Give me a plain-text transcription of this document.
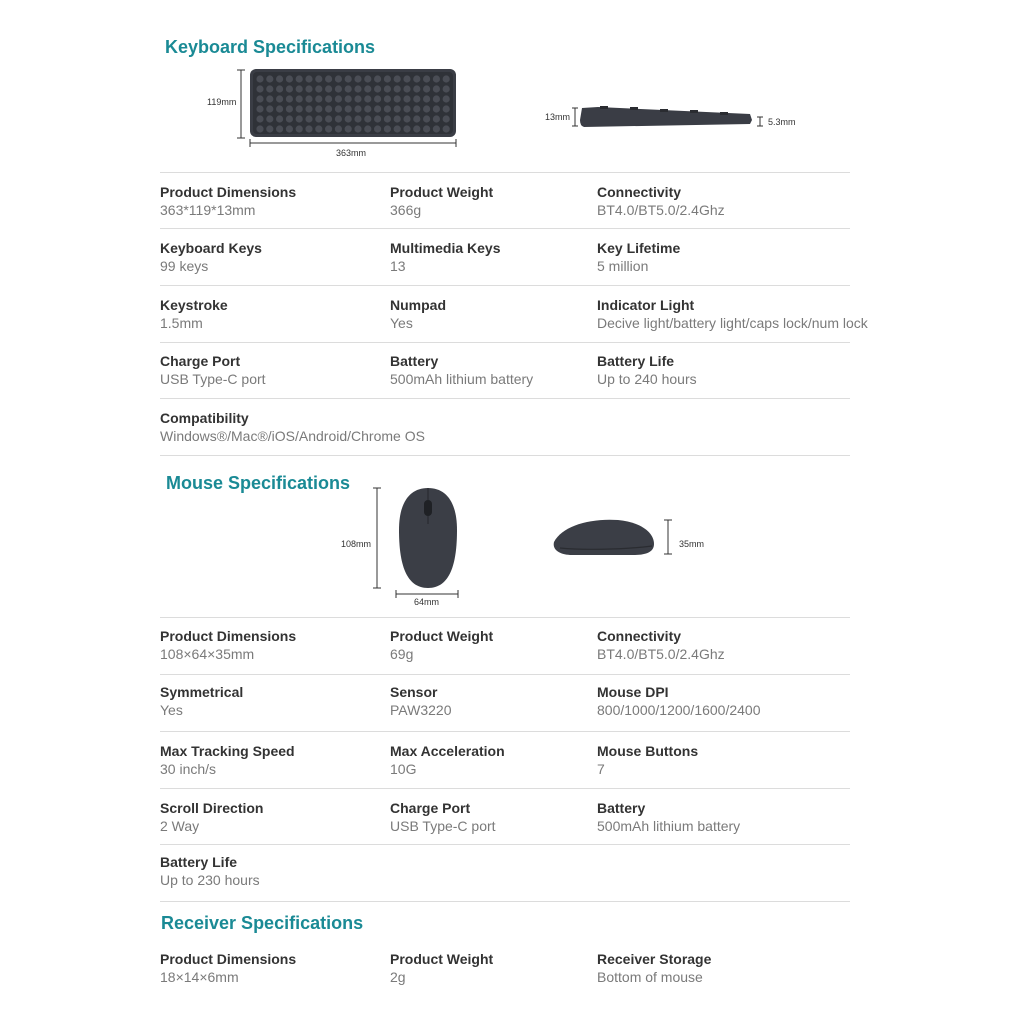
Keyboard Specifications
119mm
363mm
13mm	5.3mm
Product Dimensions
363*119*13mm
Product Weight
366g
Connectivity
BT4.0/BT5.0/2.4Ghz
Keyboard Keys
99 keys
Multimedia Keys
13
Key Lifetime
5 million
Keystroke
1.5mm
Numpad
Yes
Indicator Light
Decive light/battery light/caps lock/num lock
Charge Port
USB Type-C port
Battery
500mAh lithium battery
Battery Life
Up to 240 hours
Compatibility
Windows®/Mac®/iOS/Android/Chrome OS
Mouse Specifications
108mm
64mm
35mm
Product Dimensions
108×64×35mm
Product Weight
69g
Connectivity
BT4.0/BT5.0/2.4Ghz
Symmetrical
Yes
Sensor
PAW3220
Mouse DPI
800/1000/1200/1600/2400
Max Tracking Speed
30 inch/s
Max Acceleration
10G
Mouse Buttons
7
Scroll Direction
2 Way
Charge Port
USB Type-C port
Battery
500mAh lithium battery
Battery Life
Up to 230 hours
Receiver Specifications
Product Dimensions
18×14×6mm
Product Weight
2g
Receiver Storage
Bottom of mouse
